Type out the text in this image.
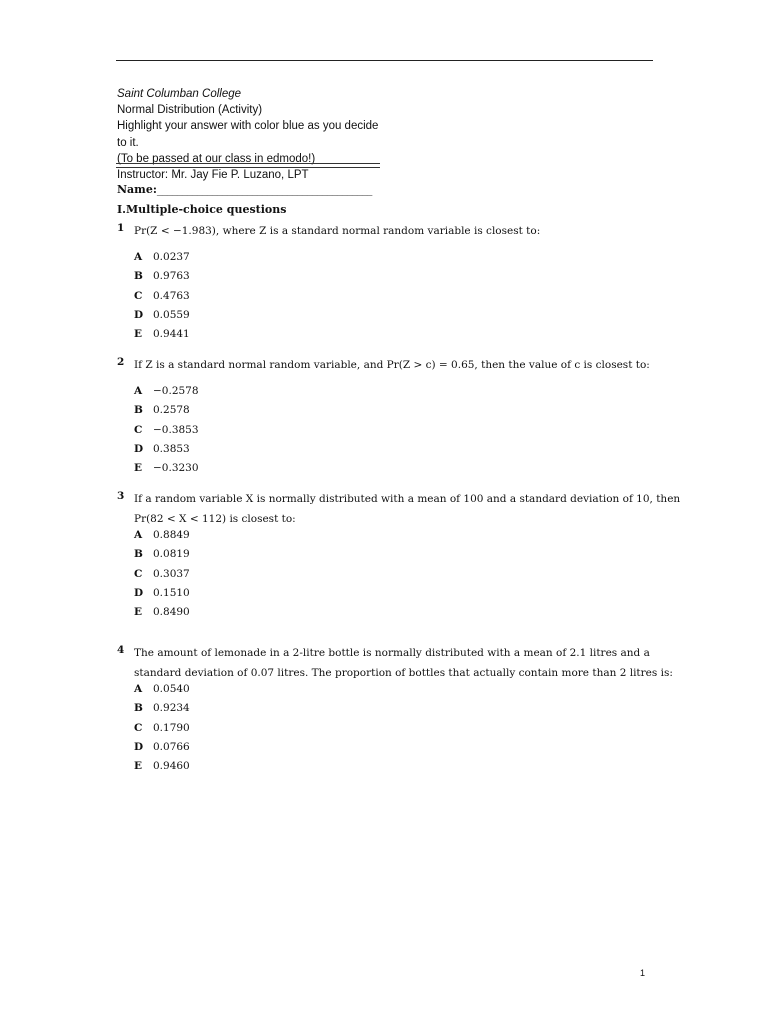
Saint Columban College
Normal Distribution (Activity)
Highlight your answer with color blue as you decide to it.
(To be passed at our class in edmodo!)
Instructor: Mr. Jay Fie P. Luzano, LPT
Name:___________________________________________
I.Multiple-choice questions
1 Pr(Z < −1.983), where Z is a standard normal random variable is closest to:
A 0.0237
B 0.9763
C 0.4763
D 0.0559
E 0.9441
2 If Z is a standard normal random variable, and Pr(Z > c) = 0.65, then the value of c is closest to:
A −0.2578
B 0.2578
C −0.3853
D 0.3853
E −0.3230
3 If a random variable X is normally distributed with a mean of 100 and a standard deviation of 10, then
Pr(82 < X < 112) is closest to:
A 0.8849
B 0.0819
C 0.3037
D 0.1510
E 0.8490
4 The amount of lemonade in a 2-litre bottle is normally distributed with a mean of 2.1 litres and a
standard deviation of 0.07 litres. The proportion of bottles that actually contain more than 2 litres is:
A 0.0540
B 0.9234
C 0.1790
D 0.0766
E 0.9460
1
